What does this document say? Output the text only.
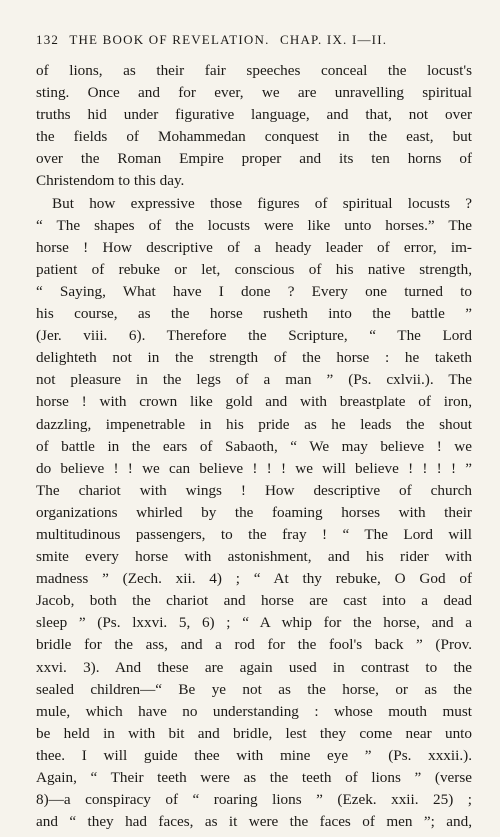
132 THE BOOK OF REVELATION. CHAP. IX. I—II.
of lions, as their fair speeches conceal the locust's
sting. Once and for ever, we are unravelling spiritual
truths hid under figurative language, and that, not over
the fields of Mohammedan conquest in the east, but
over the Roman Empire proper and its ten horns of
Christendom to this day.
But how expressive those figures of spiritual locusts ?
“ The shapes of the locusts were like unto horses.” The
horse ! How descriptive of a heady leader of error, im-
patient of rebuke or let, conscious of his native strength,
“ Saying, What have I done ? Every one turned to
his course, as the horse rusheth into the battle ”
(Jer. viii. 6). Therefore the Scripture, “ The Lord
delighteth not in the strength of the horse : he taketh
not pleasure in the legs of a man ” (Ps. cxlvii.). The
horse ! with crown like gold and with breastplate of iron,
dazzling, impenetrable in his pride as he leads the shout
of battle in the ears of Sabaoth, “ We may believe ! we
do believe ! ! we can believe ! ! ! we will believe ! ! ! ! ”
The chariot with wings ! How descriptive of church
organizations whirled by the foaming horses with their
multitudinous passengers, to the fray ! “ The Lord will
smite every horse with astonishment, and his rider with
madness ” (Zech. xii. 4) ; “ At thy rebuke, O God of
Jacob, both the chariot and horse are cast into a dead
sleep ” (Ps. lxxvi. 5, 6) ; “ A whip for the horse, and a
bridle for the ass, and a rod for the fool's back ” (Prov.
xxvi. 3). And these are again used in contrast to the
sealed children—“ Be ye not as the horse, or as the
mule, which have no understanding : whose mouth must
be held in with bit and bridle, lest they come near unto
thee. I will guide thee with mine eye ” (Ps. xxxii.).
Again, “ Their teeth were as the teeth of lions ” (verse
8)—a conspiracy of “ roaring lions ” (Ezek. xxii. 25) ;
and “ they had faces, as it were the faces of men ”; and,
